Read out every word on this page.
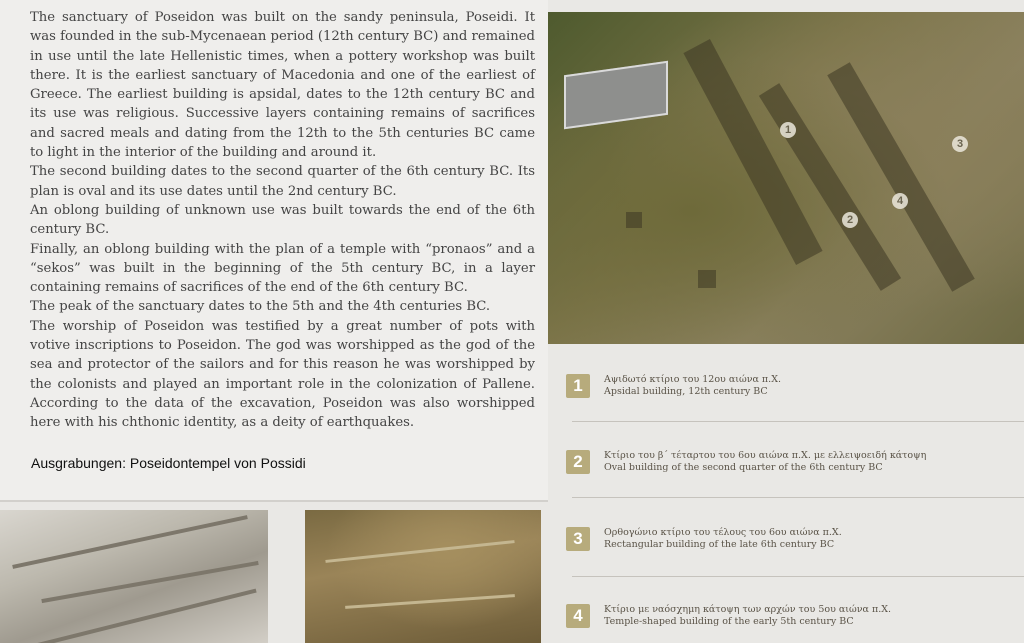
The sanctuary of Poseidon was built on the sandy peninsula, Poseidi. It was founded in the sub-Mycenaean period (12th century BC) and remained in use until the late Hellenistic times, when a pottery workshop was built there. It is the earliest sanctuary of Macedonia and one of the earliest of Greece. The earliest building is apsidal, dates to the 12th century BC and its use was religious. Successive layers containing remains of sacrifices and sacred meals and dating from the 12th to the 5th centuries BC came to light in the interior of the building and around it.

The second building dates to the second quarter of the 6th century BC. Its plan is oval and its use dates until the 2nd century BC.

An oblong building of unknown use was built towards the end of the 6th century BC.

Finally, an oblong building with the plan of a temple with “pronaos” and a “sekos” was built in the beginning of the 5th century BC, in a layer containing remains of sacrifices of the end of the 6th century BC.

The peak of the sanctuary dates to the 5th and the 4th centuries BC.

The worship of Poseidon was testified by a great number of pots with votive inscriptions to Poseidon. The god was worshipped as the god of the sea and protector of the sailors and for this reason he was worshipped by the colonists and played an important role in the colonization of Pallene. According to the data of the excavation, Poseidon was also worshipped here with his chthonic identity, as a deity of earthquakes.

Ausgrabungen: Poseidontempel von Possidi
1
2
3
4
1	Αψιδωτό κτίριο του 12ου αιώνα π.Χ.
Apsidal building, 12th century BC
2	Κτίριο του β΄ τέταρτου του 6ου αιώνα π.Χ. με ελλειψοειδή κάτοψη
Oval building of the second quarter of the 6th century BC
3	Ορθογώνιο κτίριο του τέλους του 6ου αιώνα π.Χ.
Rectangular building of the late 6th century BC
4	Κτίριο με ναόσχημη κάτοψη των αρχών του 5ου αιώνα π.Χ.
Temple-shaped building of the early 5th century BC
